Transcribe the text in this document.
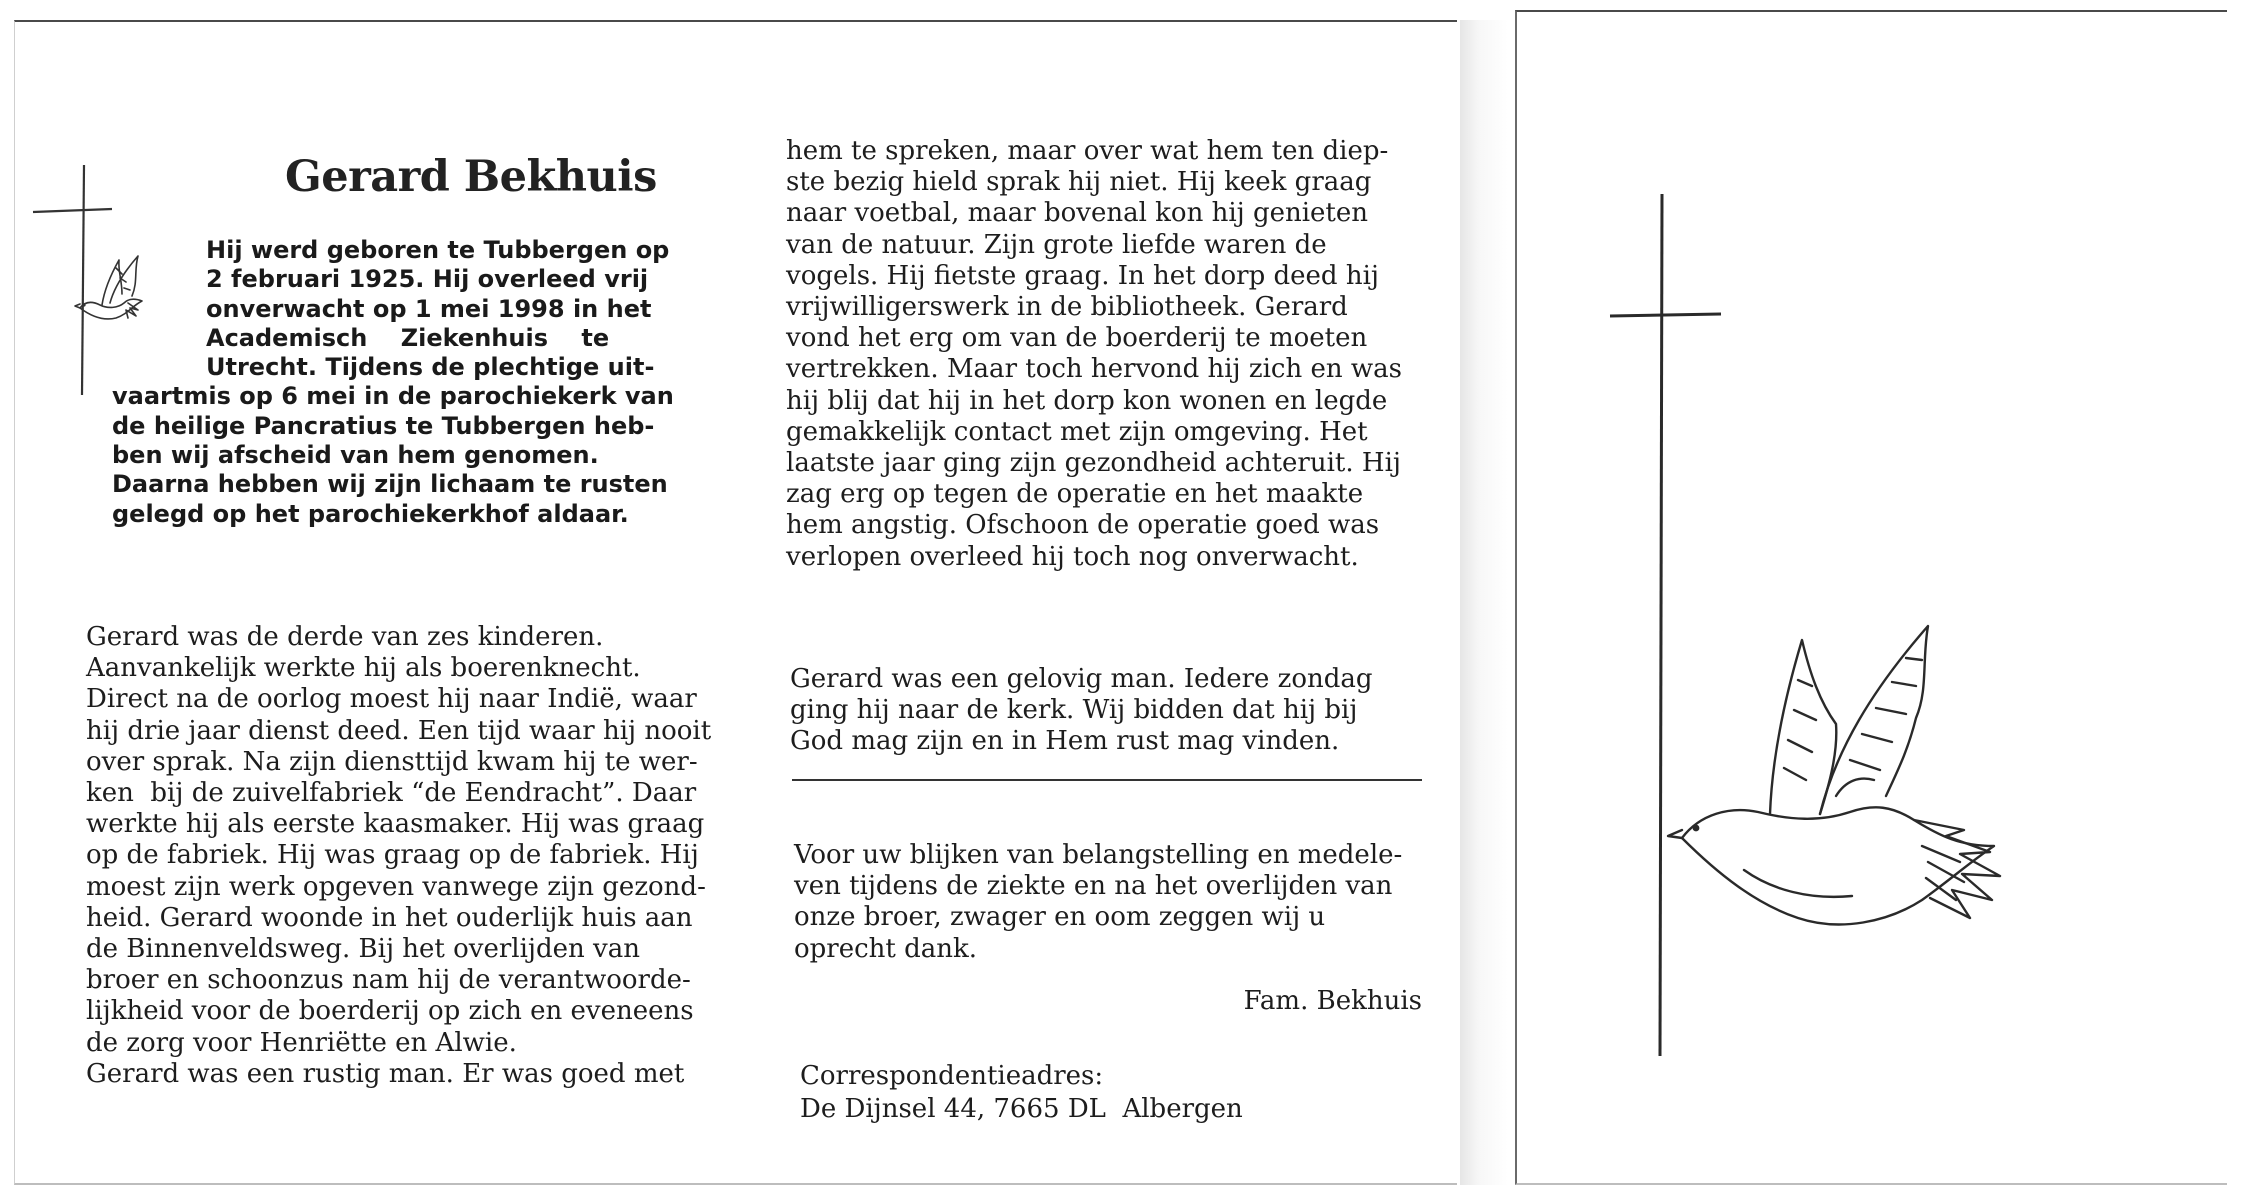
Gerard Bekhuis
Hij werd geboren te Tubbergen op
2 februari 1925. Hij overleed vrij
onverwacht op 1 mei 1998 in het
Academisch    Ziekenhuis    te
Utrecht. Tijdens de plechtige uit-
vaartmis op 6 mei in de parochiekerk van
de heilige Pancratius te Tubbergen heb-
ben wij afscheid van hem genomen.
Daarna hebben wij zijn lichaam te rusten
gelegd op het parochiekerkhof aldaar.
Gerard was de derde van zes kinderen.
Aanvankelijk werkte hij als boerenknecht.
Direct na de oorlog moest hij naar Indië, waar
hij drie jaar dienst deed. Een tijd waar hij nooit
over sprak. Na zijn diensttijd kwam hij te wer-
ken  bij de zuivelfabriek “de Eendracht”. Daar
werkte hij als eerste kaasmaker. Hij was graag
op de fabriek. Hij was graag op de fabriek. Hij
moest zijn werk opgeven vanwege zijn gezond-
heid. Gerard woonde in het ouderlijk huis aan
de Binnenveldsweg. Bij het overlijden van
broer en schoonzus nam hij de verantwoorde-
lijkheid voor de boerderij op zich en eveneens
de zorg voor Henriëtte en Alwie.
Gerard was een rustig man. Er was goed met
hem te spreken, maar over wat hem ten diep-
ste bezig hield sprak hij niet. Hij keek graag
naar voetbal, maar bovenal kon hij genieten
van de natuur. Zijn grote liefde waren de
vogels. Hij fietste graag. In het dorp deed hij
vrijwilligerswerk in de bibliotheek. Gerard
vond het erg om van de boerderij te moeten
vertrekken. Maar toch hervond hij zich en was
hij blij dat hij in het dorp kon wonen en legde
gemakkelijk contact met zijn omgeving. Het
laatste jaar ging zijn gezondheid achteruit. Hij
zag erg op tegen de operatie en het maakte
hem angstig. Ofschoon de operatie goed was
verlopen overleed hij toch nog onverwacht.
Gerard was een gelovig man. Iedere zondag
ging hij naar de kerk. Wij bidden dat hij bij
God mag zijn en in Hem rust mag vinden.
Voor uw blijken van belangstelling en medele-
ven tijdens de ziekte en na het overlijden van
onze broer, zwager en oom zeggen wij u
oprecht dank.
Fam. Bekhuis
Correspondentieadres:
De Dijnsel 44, 7665 DL  Albergen
